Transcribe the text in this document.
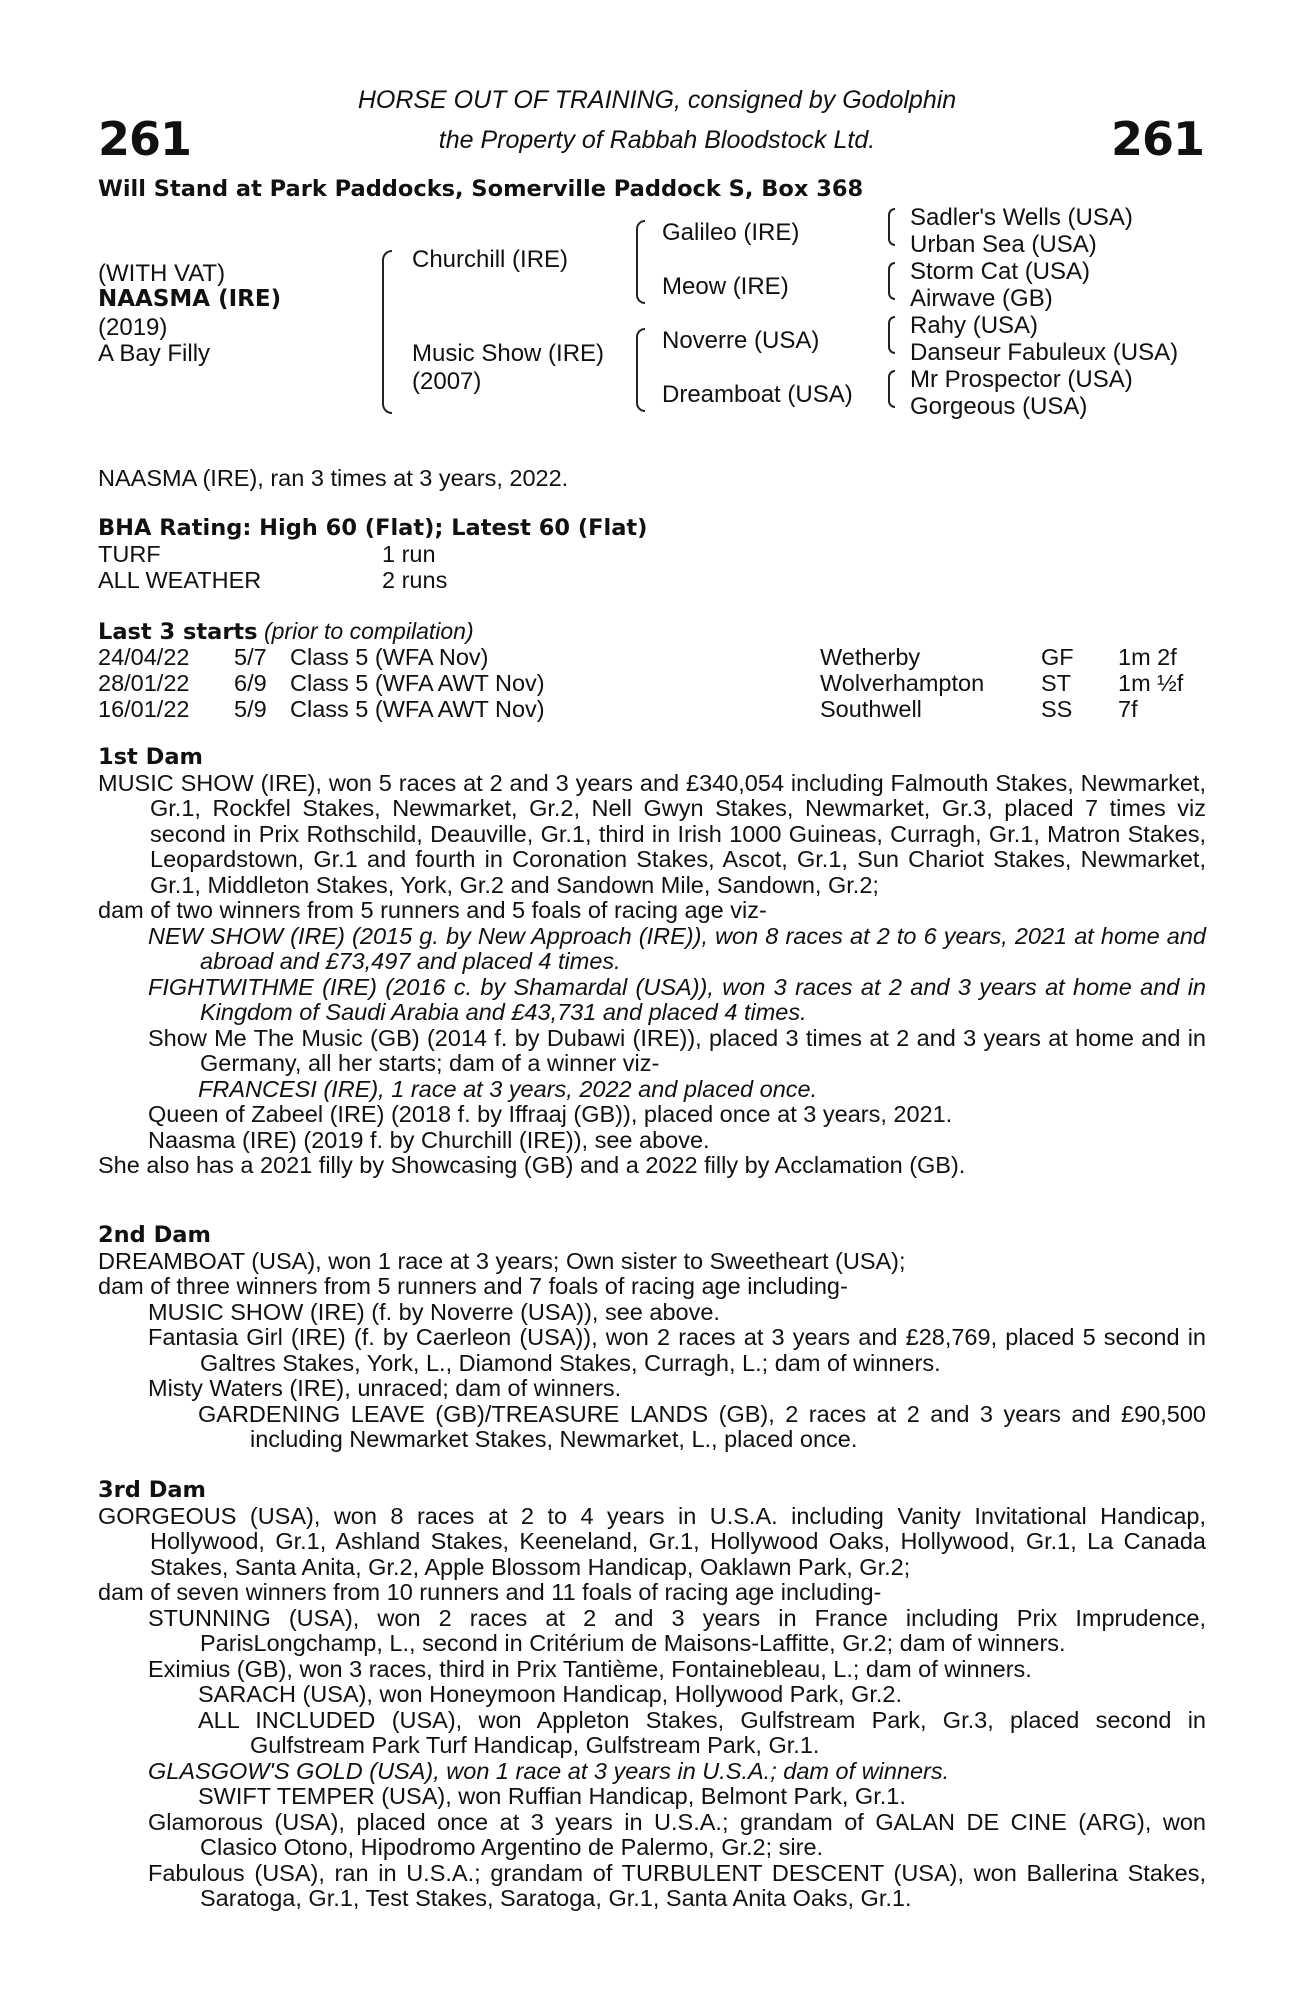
261	261
HORSE OUT OF TRAINING, consigned by Godolphin
the Property of Rabbah Bloodstock Ltd.
Will Stand at Park Paddocks, Somerville Paddock S, Box 368
(WITH VAT)
NAASMA (IRE)
(2019)
A Bay Filly
Churchill (IRE)
Music Show (IRE)
(2007)
Galileo (IRE)
Meow (IRE)
Noverre (USA)
Dreamboat (USA)
Sadler's Wells (USA)
Urban Sea (USA)
Storm Cat (USA)
Airwave (GB)
Rahy (USA)
Danseur Fabuleux (USA)
Mr Prospector (USA)
Gorgeous (USA)
NAASMA (IRE), ran 3 times at 3 years, 2022.
BHA Rating: High 60 (Flat); Latest 60 (Flat)
TURF	1 run
ALL WEATHER	2 runs
Last 3 starts (prior to compilation)
24/04/22 5/7 Class 5 (WFA Nov)	Wetherby	GF 1m 2f
28/01/22 6/9 Class 5 (WFA AWT Nov)	Wolverhampton ST 1m ½f
16/01/22 5/9 Class 5 (WFA AWT Nov)	Southwell	SS 7f

1st Dam

MUSIC SHOW (IRE), won 5 races at 2 and 3 years and £340,054 including Falmouth Stakes, Newmarket, Gr.1, Rockfel Stakes, Newmarket, Gr.2, Nell Gwyn Stakes, Newmarket, Gr.3, placed 7 times viz second in Prix Rothschild, Deauville, Gr.1, third in Irish 1000 Guineas, Curragh, Gr.1, Matron Stakes, Leopardstown, Gr.1 and fourth in Coronation Stakes, Ascot, Gr.1, Sun Chariot Stakes, Newmarket, Gr.1, Middleton Stakes, York, Gr.2 and Sandown Mile, Sandown, Gr.2;

dam of two winners from 5 runners and 5 foals of racing age viz-

NEW SHOW (IRE) (2015 g. by New Approach (IRE)), won 8 races at 2 to 6 years, 2021 at home and abroad and £73,497 and placed 4 times.

FIGHTWITHME (IRE) (2016 c. by Shamardal (USA)), won 3 races at 2 and 3 years at home and in Kingdom of Saudi Arabia and £43,731 and placed 4 times.

Show Me The Music (GB) (2014 f. by Dubawi (IRE)), placed 3 times at 2 and 3 years at home and in Germany, all her starts; dam of a winner viz-

FRANCESI (IRE), 1 race at 3 years, 2022 and placed once.

Queen of Zabeel (IRE) (2018 f. by Iffraaj (GB)), placed once at 3 years, 2021.

Naasma (IRE) (2019 f. by Churchill (IRE)), see above.

She also has a 2021 filly by Showcasing (GB) and a 2022 filly by Acclamation (GB).

2nd Dam

DREAMBOAT (USA), won 1 race at 3 years; Own sister to Sweetheart (USA);

dam of three winners from 5 runners and 7 foals of racing age including-

MUSIC SHOW (IRE) (f. by Noverre (USA)), see above.

Fantasia Girl (IRE) (f. by Caerleon (USA)), won 2 races at 3 years and £28,769, placed 5 second in Galtres Stakes, York, L., Diamond Stakes, Curragh, L.; dam of winners.

Misty Waters (IRE), unraced; dam of winners.

GARDENING LEAVE (GB)/TREASURE LANDS (GB), 2 races at 2 and 3 years and £90,500 including Newmarket Stakes, Newmarket, L., placed once.

3rd Dam

GORGEOUS (USA), won 8 races at 2 to 4 years in U.S.A. including Vanity Invitational Handicap, Hollywood, Gr.1, Ashland Stakes, Keeneland, Gr.1, Hollywood Oaks, Hollywood, Gr.1, La Canada Stakes, Santa Anita, Gr.2, Apple Blossom Handicap, Oaklawn Park, Gr.2;

dam of seven winners from 10 runners and 11 foals of racing age including-

STUNNING (USA), won 2 races at 2 and 3 years in France including Prix Imprudence, ParisLongchamp, L., second in Critérium de Maisons-Laffitte, Gr.2; dam of winners.

Eximius (GB), won 3 races, third in Prix Tantième, Fontainebleau, L.; dam of winners.

SARACH (USA), won Honeymoon Handicap, Hollywood Park, Gr.2.

ALL INCLUDED (USA), won Appleton Stakes, Gulfstream Park, Gr.3, placed second in Gulfstream Park Turf Handicap, Gulfstream Park, Gr.1.

GLASGOW'S GOLD (USA), won 1 race at 3 years in U.S.A.; dam of winners.

SWIFT TEMPER (USA), won Ruffian Handicap, Belmont Park, Gr.1.

Glamorous (USA), placed once at 3 years in U.S.A.; grandam of GALAN DE CINE (ARG), won Clasico Otono, Hipodromo Argentino de Palermo, Gr.2; sire.

Fabulous (USA), ran in U.S.A.; grandam of TURBULENT DESCENT (USA), won Ballerina Stakes, Saratoga, Gr.1, Test Stakes, Saratoga, Gr.1, Santa Anita Oaks, Gr.1.
